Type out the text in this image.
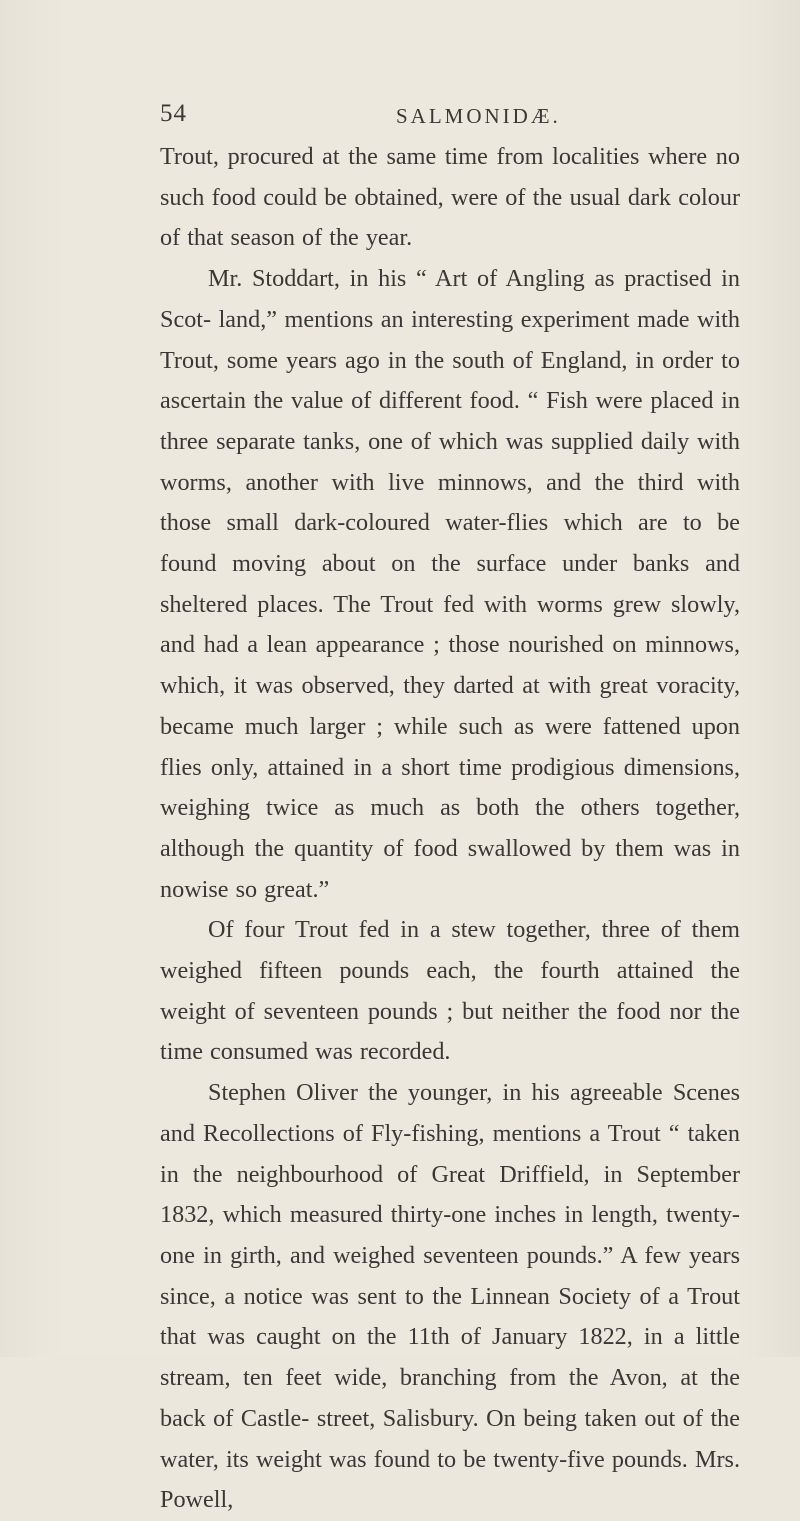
54	SALMONIDÆ.

Trout, procured at the same time from localities where no such food could be obtained, were of the usual dark colour of that season of the year.

Mr. Stoddart, in his “ Art of Angling as practised in Scot- land,” mentions an interesting experiment made with Trout, some years ago in the south of England, in order to ascertain the value of different food. “ Fish were placed in three separate tanks, one of which was supplied daily with worms, another with live minnows, and the third with those small dark-coloured water-flies which are to be found moving about on the surface under banks and sheltered places. The Trout fed with worms grew slowly, and had a lean appearance ; those nourished on minnows, which, it was observed, they darted at with great voracity, became much larger ; while such as were fattened upon flies only, attained in a short time prodigious dimensions, weighing twice as much as both the others together, although the quantity of food swallowed by them was in nowise so great.”

Of four Trout fed in a stew together, three of them weighed fifteen pounds each, the fourth attained the weight of seventeen pounds ; but neither the food nor the time consumed was recorded.

Stephen Oliver the younger, in his agreeable Scenes and Recollections of Fly-fishing, mentions a Trout “ taken in the neighbourhood of Great Driffield, in September 1832, which measured thirty-one inches in length, twenty-one in girth, and weighed seventeen pounds.” A few years since, a notice was sent to the Linnean Society of a Trout that was caught on the 11th of January 1822, in a little stream, ten feet wide, branching from the Avon, at the back of Castle- street, Salisbury. On being taken out of the water, its weight was found to be twenty-five pounds. Mrs. Powell,
